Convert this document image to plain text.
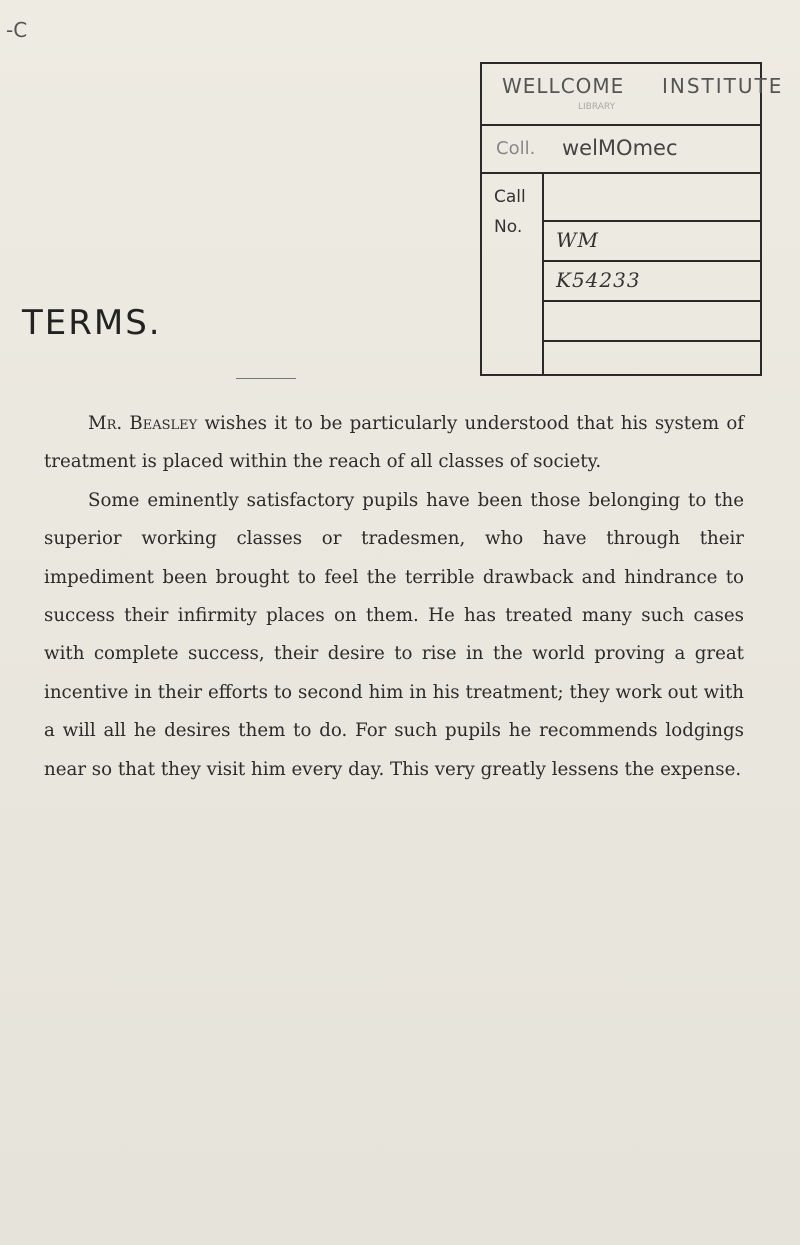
-C
WELLCOME INSTITUTE
LIBRARY
Coll. welMOmec
Call
No.
WM
K54233
TERMS.

Mr. Beasley wishes it to be particularly understood that his system of treatment is placed within the reach of all classes of society.

Some eminently satisfactory pupils have been those belonging to the superior working classes or tradesmen, who have through their impediment been brought to feel the terrible drawback and hindrance to success their infirmity places on them. He has treated many such cases with complete success, their desire to rise in the world proving a great incentive in their efforts to second him in his treatment; they work out with a will all he desires them to do. For such pupils he recommends lodgings near so that they visit him every day. This very greatly lessens the expense.
